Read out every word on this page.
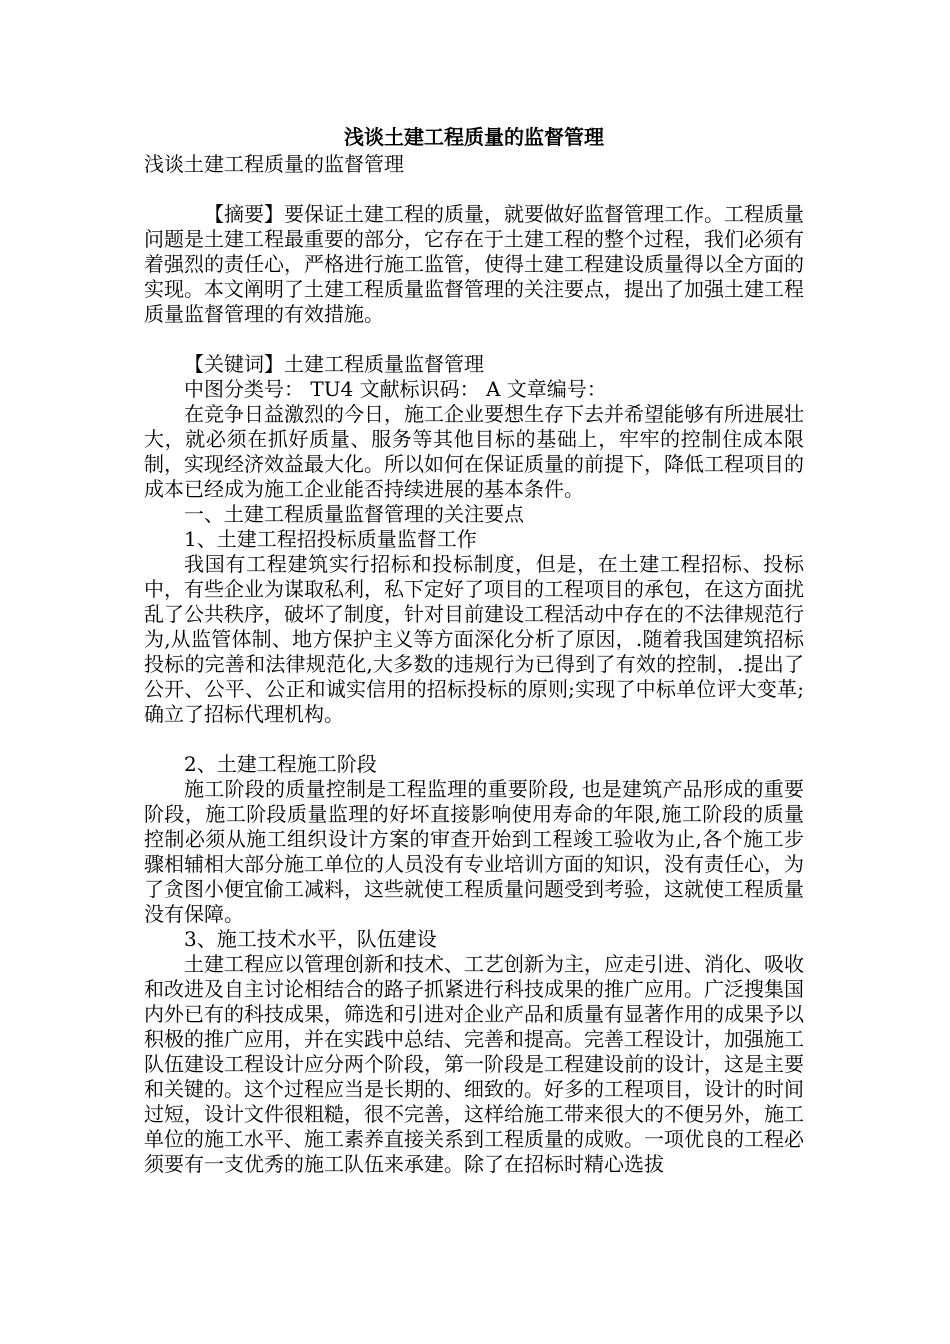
浅谈土建工程质量的监督管理
浅谈土建工程质量的监督管理

【摘要】要保证土建工程的质量，就要做好监督管理工作。工程质量问题是土建工程最重要的部分，它存在于土建工程的整个过程，我们必须有着强烈的责任心，严格进行施工监管，使得土建工程建设质量得以全方面的实现。本文阐明了土建工程质量监督管理的关注要点，提出了加强土建工程质量监督管理的有效措施。

【关键词】土建工程质量监督管理

中图分类号： TU4 文献标识码： A 文章编号：

在竞争日益激烈的今日，施工企业要想生存下去并希望能够有所进展壮大，就必须在抓好质量、服务等其他目标的基础上，牢牢的控制住成本限制，实现经济效益最大化。所以如何在保证质量的前提下，降低工程项目的成本已经成为施工企业能否持续进展的基本条件。

一、土建工程质量监督管理的关注要点

1、土建工程招投标质量监督工作

我国有工程建筑实行招标和投标制度，但是，在土建工程招标、投标中，有些企业为谋取私利，私下定好了项目的工程项目的承包，在这方面扰乱了公共秩序，破坏了制度，针对目前建设工程活动中存在的不法律规范行为,从监管体制、地方保护主义等方面深化分析了原因，.随着我国建筑招标投标的完善和法律规范化,大多数的违规行为已得到了有效的控制，.提出了公开、公平、公正和诚实信用的招标投标的原则;实现了中标单位评大变革;确立了招标代理机构。

2、土建工程施工阶段

施工阶段的质量控制是工程监理的重要阶段, 也是建筑产品形成的重要阶段，施工阶段质量监理的好坏直接影响使用寿命的年限,施工阶段的质量控制必须从施工组织设计方案的审查开始到工程竣工验收为止,各个施工步骤相辅相大部分施工单位的人员没有专业培训方面的知识，没有责任心，为了贪图小便宜偷工减料，这些就使工程质量问题受到考验，这就使工程质量没有保障。

3、施工技术水平，队伍建设

土建工程应以管理创新和技术、工艺创新为主，应走引进、消化、吸收和改进及自主讨论相结合的路子抓紧进行科技成果的推广应用。广泛搜集国内外已有的科技成果，筛选和引进对企业产品和质量有显著作用的成果予以积极的推广应用，并在实践中总结、完善和提高。完善工程设计，加强施工队伍建设工程设计应分两个阶段，第一阶段是工程建设前的设计，这是主要和关键的。这个过程应当是长期的、细致的。好多的工程项目，设计的时间过短，设计文件很粗糙，很不完善，这样给施工带来很大的不便另外，施工单位的施工水平、施工素养直接关系到工程质量的成败。一项优良的工程必须要有一支优秀的施工队伍来承建。除了在招标时精心选拔
